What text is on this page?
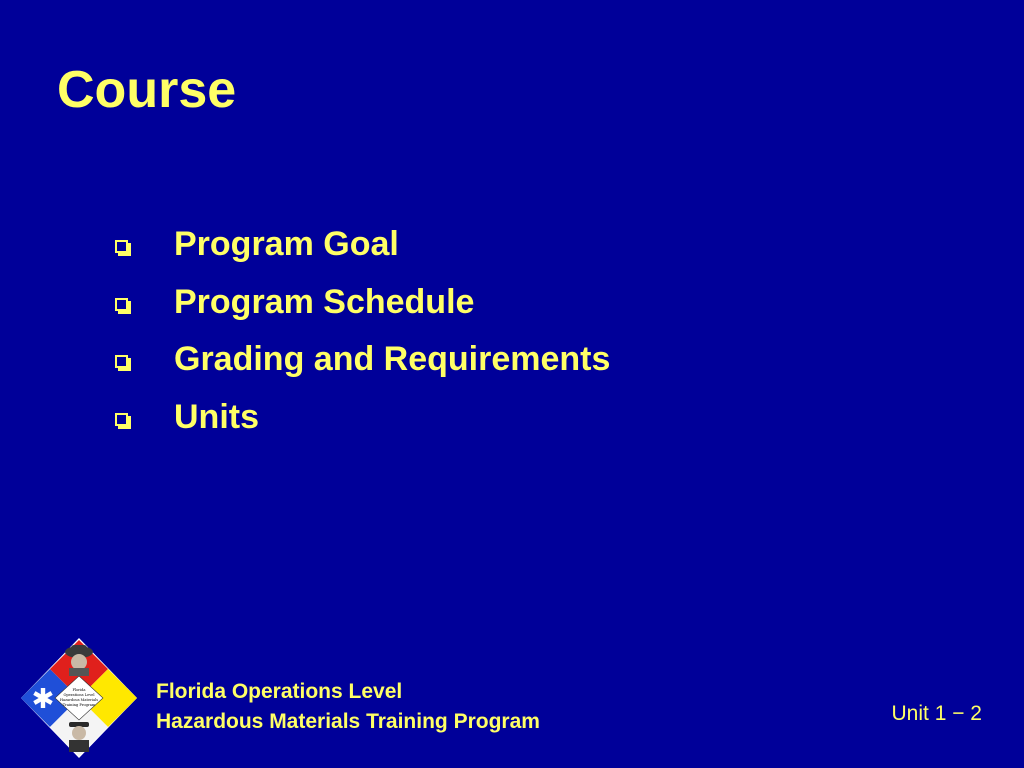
Course
Program Goal
Program Schedule
Grading and Requirements
Units
Florida
Operations Level
Hazardous Materials
Training Program
Florida Operations Level
Hazardous Materials Training Program	Unit 1 − 2
